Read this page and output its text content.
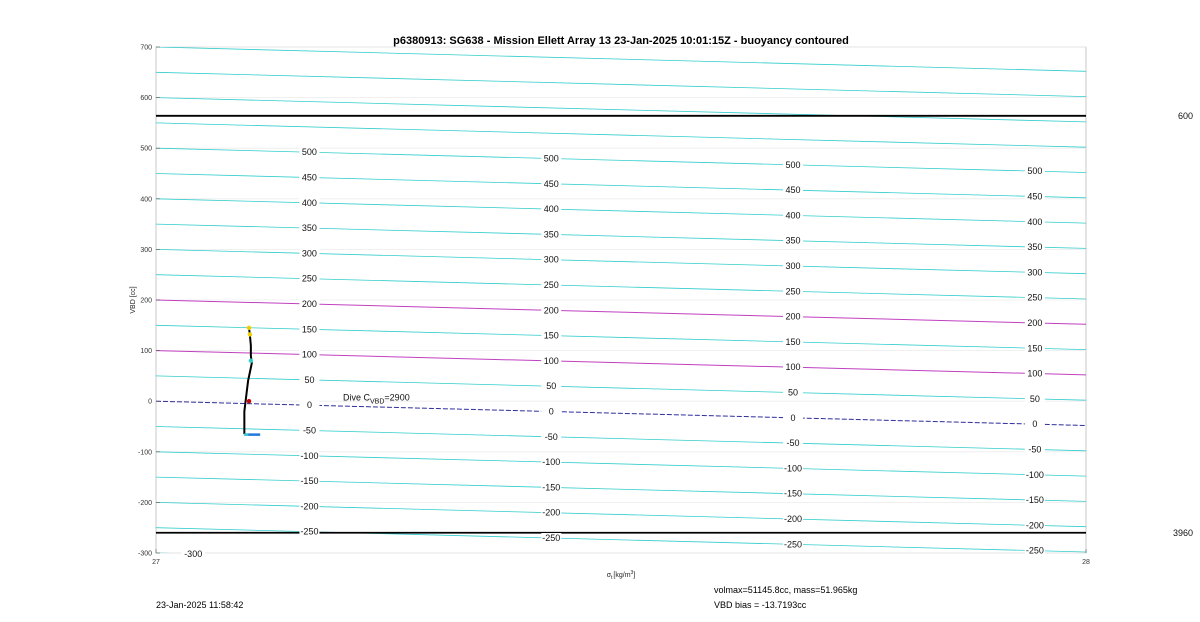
p6380913: SG638 - Mission Ellett Array 13 23-Jan-2025 10:01:15Z - buoyancy contoured
600
3960
500
450
400
350
300
250
200
150
100
50
0
-50
-100
-150
-200
-250
500
450
400
350
300
250
200
150
100
50
0
-50
-100
-150
-200
-250
500
450
400
350
300
250
200
150
100
50
0
-50
-100
-150
-200
-250
500
450
400
350
300
250
200
150
100
50
0
-50
-100
-150
-200
-250
-300
Dive $C_{VBD}=2900$
700
600
500
400
300
200
100
0
-100
-200
-300
27	28
VBD [cc]
$\sigma_t[kg/m^3]$
23-Jan-2025 11:58:42
volmax=51145.8cc, mass=51.965kg
VBD bias = -13.7193cc
